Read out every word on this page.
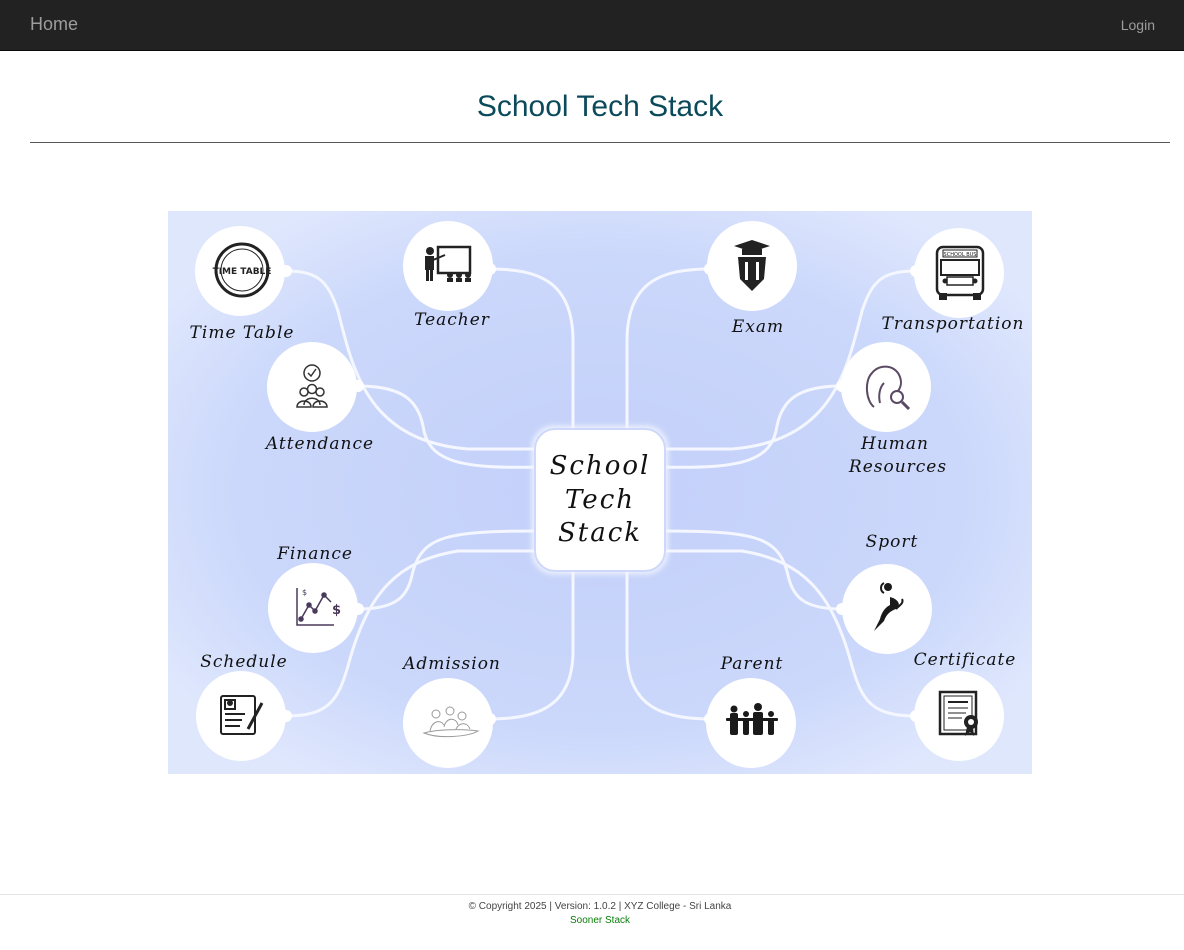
Home	Login
School Tech Stack
School
Tech
Stack
TIME TABLE
Time Table
Teacher	Exam
SCHOOL BUS
Transportation
Attendance	Human
Resources
$
$
Finance
Sport
Schedule	Admission	Parent	Certificate
© Copyright 2025 | Version: 1.0.2 | XYZ College - Sri Lanka
Sooner Stack
